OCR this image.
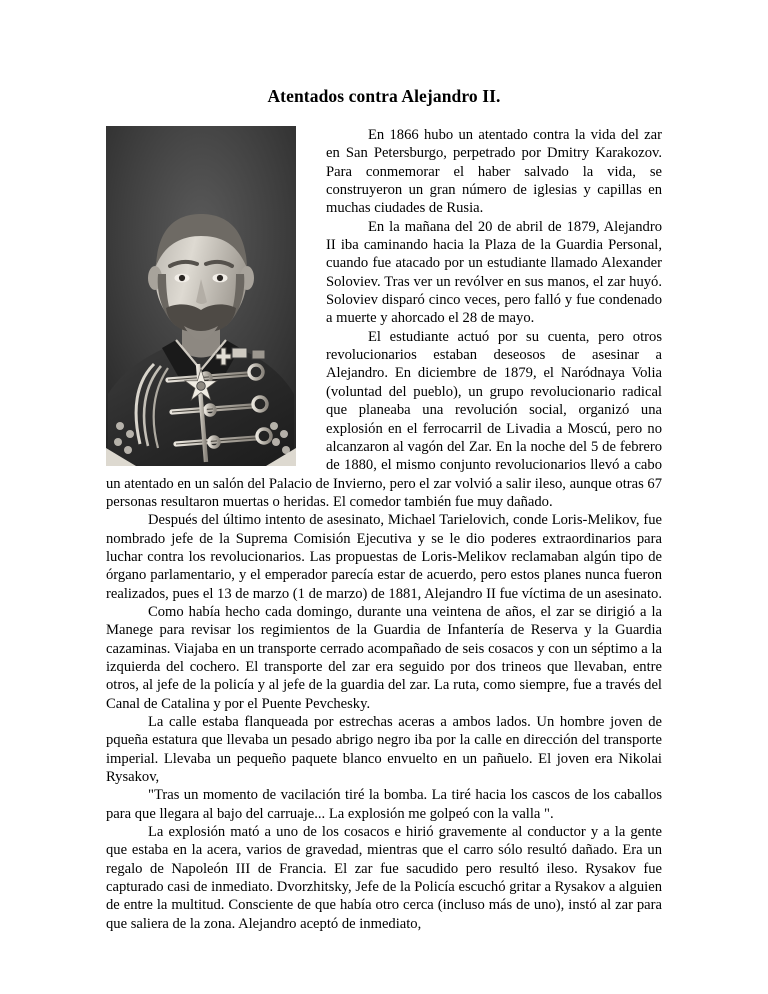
Atentados contra Alejandro II.

En 1866 hubo un atentado contra la vida del zar en San Petersburgo, perpetrado por Dmitry Karakozov. Para conmemorar el haber salvado la vida, se construyeron un gran número de iglesias y capillas en muchas ciudades de Rusia.

En la mañana del 20 de abril de 1879, Alejandro II iba caminando hacia la Plaza de la Guardia Personal, cuando fue atacado por un estudiante llamado Alexander Soloviev. Tras ver un revólver en sus manos, el zar huyó. Soloviev disparó cinco veces, pero falló y fue condenado a muerte y ahorcado el 28 de mayo.

El estudiante actuó por su cuenta, pero otros revolucionarios estaban deseosos de asesinar a Alejandro. En diciembre de 1879, el Naródnaya Volia (voluntad del pueblo), un grupo revolucionario radical que planeaba una revolución social, organizó una explosión en el ferrocarril de Livadia a Moscú, pero no alcanzaron al vagón del Zar. En la noche del 5 de febrero de 1880, el mismo conjunto revolucionarios llevó a cabo un atentado en un salón del Palacio de Invierno, pero el zar volvió a salir ileso, aunque otras 67 personas resultaron muertas o heridas. El comedor también fue muy dañado.

Después del último intento de asesinato, Michael Tarielovich, conde Loris-Melikov, fue nombrado jefe de la Suprema Comisión Ejecutiva y se le dio poderes extraordinarios para luchar contra los revolucionarios. Las propuestas de Loris-Melikov reclamaban algún tipo de órgano parlamentario, y el emperador parecía estar de acuerdo, pero estos planes nunca fueron realizados, pues el 13 de marzo (1 de marzo) de 1881, Alejandro II fue víctima de un asesinato.

Como había hecho cada domingo, durante una veintena de años, el zar se dirigió a la Manege para revisar los regimientos de la Guardia de Infantería de Reserva y la Guardia cazaminas. Viajaba en un transporte cerrado acompañado de seis cosacos y con un séptimo a la izquierda del cochero. El transporte del zar era seguido por dos trineos que llevaban, entre otros, al jefe de la policía y al jefe de la guardia del zar. La ruta, como siempre, fue a través del Canal de Catalina y por el Puente Pevchesky.

La calle estaba flanqueada por estrechas aceras a ambos lados. Un hombre joven de pqueña estatura que llevaba un pesado abrigo negro iba por la calle en dirección del transporte imperial. Llevaba un pequeño paquete blanco envuelto en un pañuelo. El joven era Nikolai Rysakov,

"Tras un momento de vacilación tiré la bomba. La tiré hacia los cascos de los caballos para que llegara al bajo del carruaje... La explosión me golpeó con la valla ".

La explosión mató a uno de los cosacos e hirió gravemente al conductor y a la gente que estaba en la acera, varios de gravedad, mientras que el carro sólo resultó dañado. Era un regalo de Napoleón III de Francia. El zar fue sacudido pero resultó ileso. Rysakov fue capturado casi de inmediato. Dvorzhitsky, Jefe de la Policía escuchó gritar a Rysakov a alguien de entre la multitud. Consciente de que había otro cerca (incluso más de uno), instó al zar para que saliera de la zona. Alejandro aceptó de inmediato,
